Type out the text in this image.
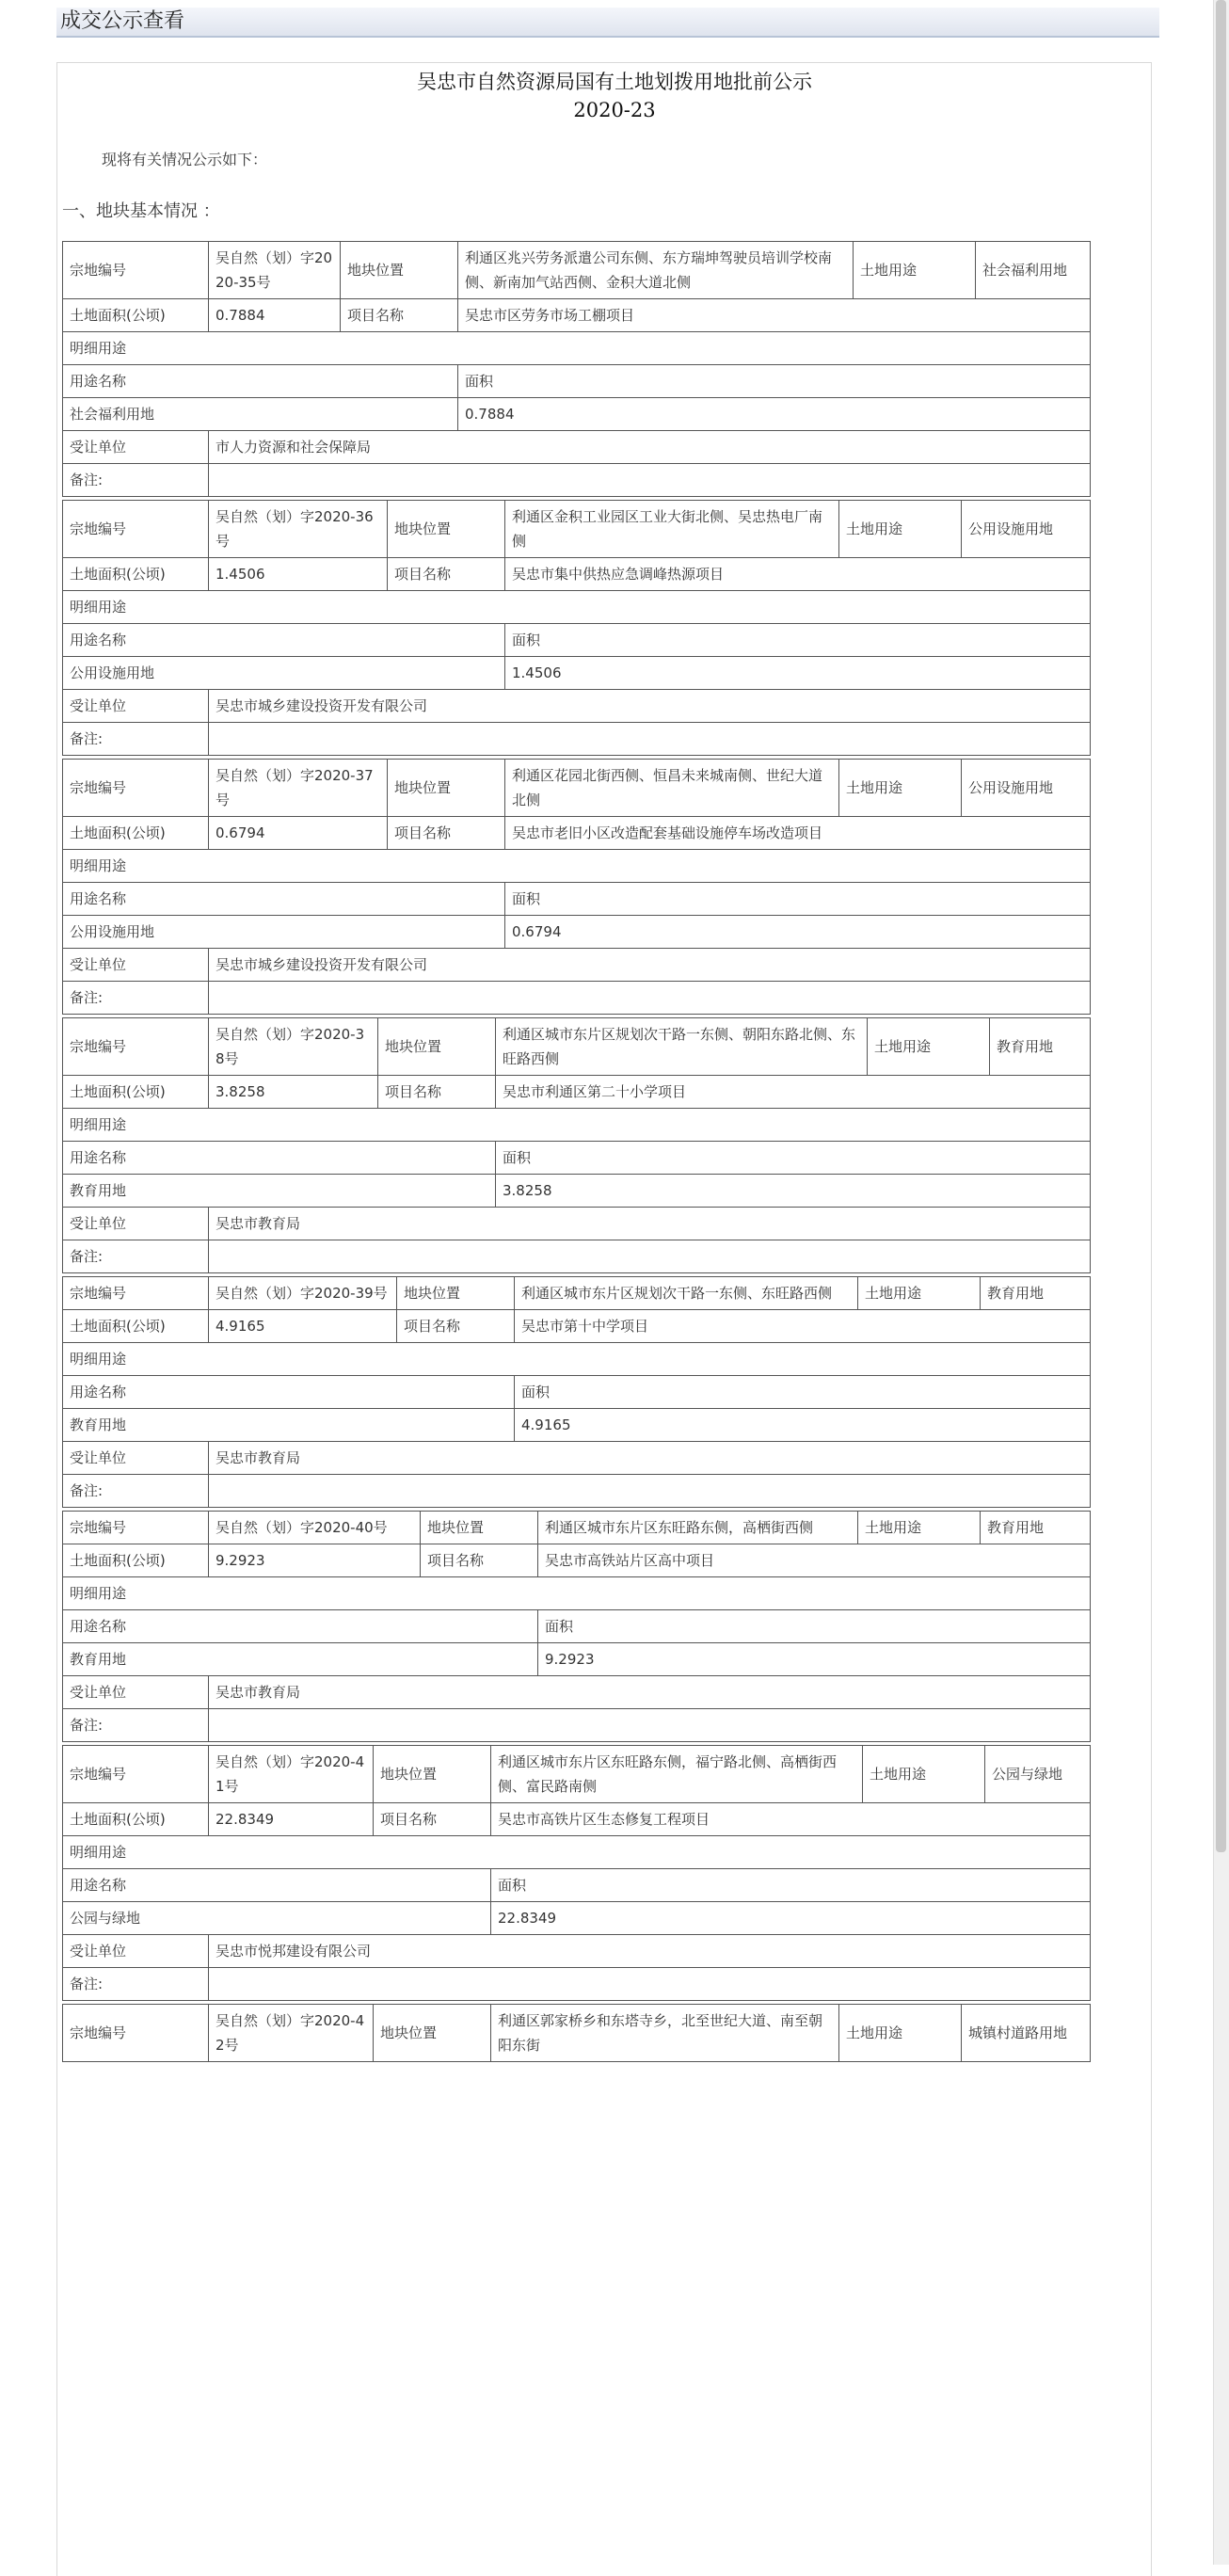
成交公示查看
吴忠市自然资源局国有土地划拨用地批前公示
2020-23
现将有关情况公示如下：
一、地块基本情况 ：
宗地编号	吴自然（划）字2020-35号	地块位置	利通区兆兴劳务派遣公司东侧、东方瑞坤驾驶员培训学校南侧、新南加气站西侧、金积大道北侧	土地用途	社会福利用地
土地面积(公顷)	0.7884	项目名称	吴忠市区劳务市场工棚项目		
明细用途					
用途名称			面积		
社会福利用地			0.7884		
受让单位	市人力资源和社会保障局				
备注:					
宗地编号	吴自然（划）字2020-36号	地块位置	利通区金积工业园区工业大街北侧、吴忠热电厂南侧	土地用途	公用设施用地
土地面积(公顷)	1.4506	项目名称	吴忠市集中供热应急调峰热源项目		
明细用途					
用途名称			面积		
公用设施用地			1.4506		
受让单位	吴忠市城乡建设投资开发有限公司				
备注:					
宗地编号	吴自然（划）字2020-37号	地块位置	利通区花园北街西侧、恒昌未来城南侧、世纪大道北侧	土地用途	公用设施用地
土地面积(公顷)	0.6794	项目名称	吴忠市老旧小区改造配套基础设施停车场改造项目		
明细用途					
用途名称			面积		
公用设施用地			0.6794		
受让单位	吴忠市城乡建设投资开发有限公司				
备注:					
宗地编号	吴自然（划）字2020-38号	地块位置	利通区城市东片区规划次干路一东侧、朝阳东路北侧、东旺路西侧	土地用途	教育用地
土地面积(公顷)	3.8258	项目名称	吴忠市利通区第二十小学项目		
明细用途					
用途名称			面积		
教育用地			3.8258		
受让单位	吴忠市教育局				
备注:					
宗地编号	吴自然（划）字2020-39号	地块位置	利通区城市东片区规划次干路一东侧、东旺路西侧	土地用途	教育用地
土地面积(公顷)	4.9165	项目名称	吴忠市第十中学项目		
明细用途					
用途名称			面积		
教育用地			4.9165		
受让单位	吴忠市教育局				
备注:					
宗地编号	吴自然（划）字2020-40号	地块位置	利通区城市东片区东旺路东侧，高栖街西侧	土地用途	教育用地
土地面积(公顷)	9.2923	项目名称	吴忠市高铁站片区高中项目		
明细用途					
用途名称			面积		
教育用地			9.2923		
受让单位	吴忠市教育局				
备注:					
宗地编号	吴自然（划）字2020-41号	地块位置	利通区城市东片区东旺路东侧，福宁路北侧、高栖街西侧、富民路南侧	土地用途	公园与绿地
土地面积(公顷)	22.8349	项目名称	吴忠市高铁片区生态修复工程项目		
明细用途					
用途名称			面积		
公园与绿地			22.8349		
受让单位	吴忠市悦邦建设有限公司				
备注:					
宗地编号	吴自然（划）字2020-42号	地块位置	利通区郭家桥乡和东塔寺乡，北至世纪大道、南至朝阳东街	土地用途	城镇村道路用地
